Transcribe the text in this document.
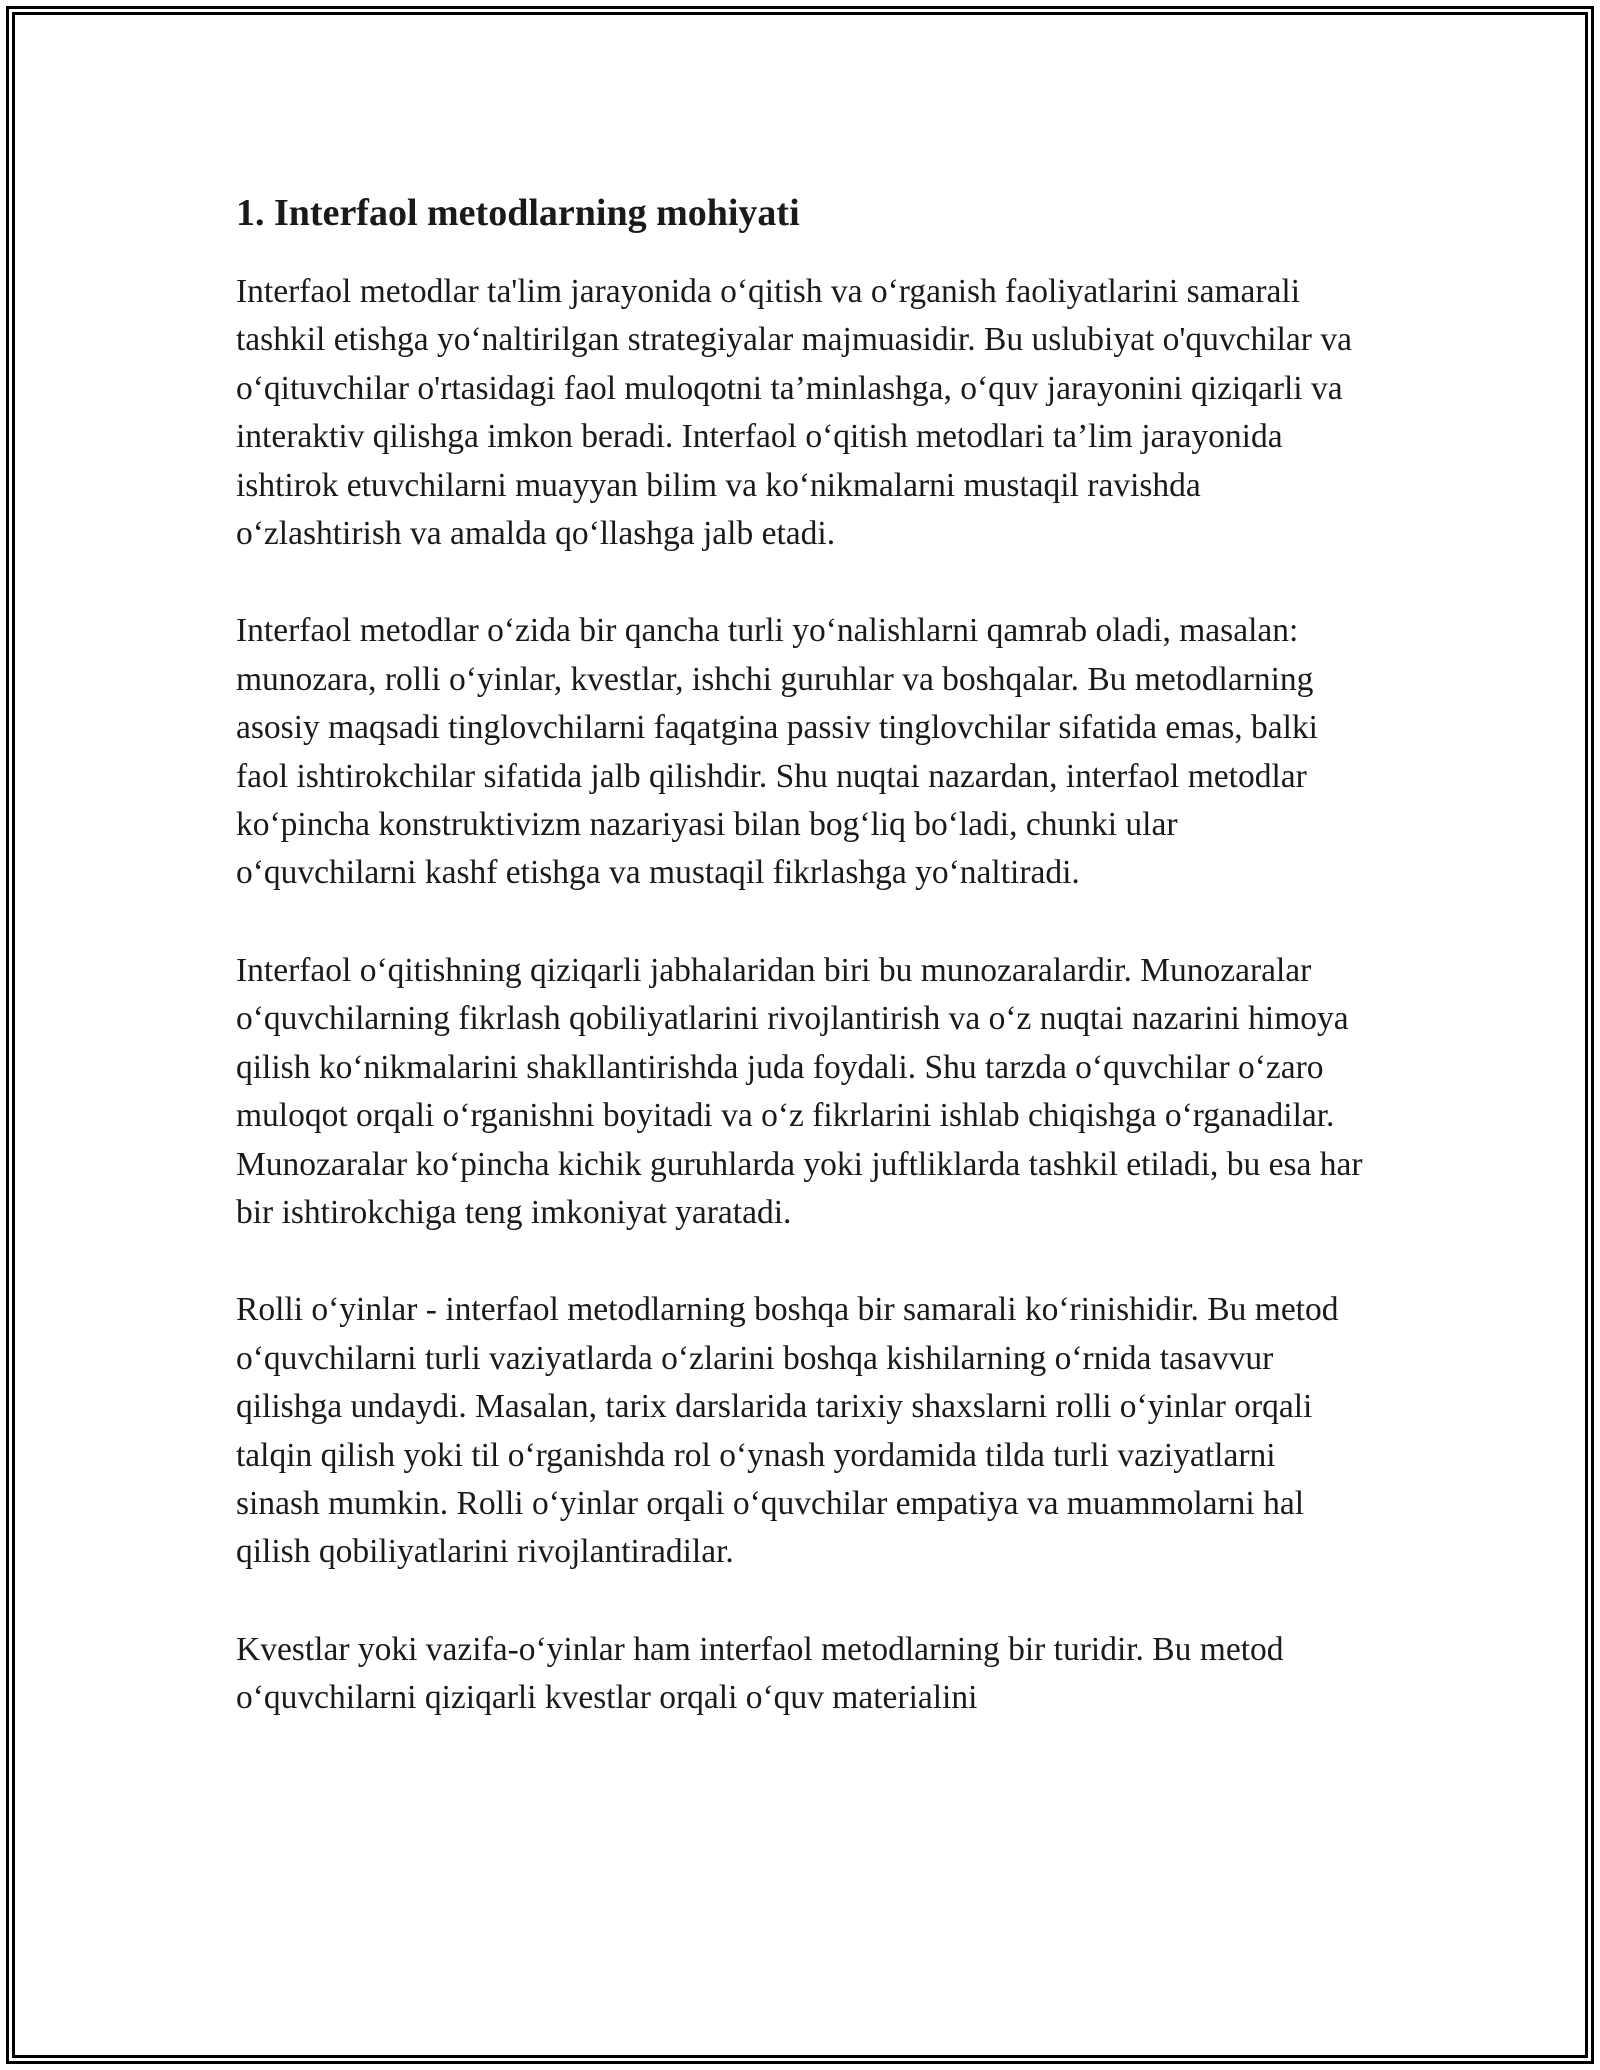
1. Interfaol metodlarning mohiyati

Interfaol metodlar ta'lim jarayonida o‘qitish va o‘rganish faoliyatlarini samarali tashkil etishga yo‘naltirilgan strategiyalar majmuasidir. Bu uslubiyat o'quvchilar va o‘qituvchilar o'rtasidagi faol muloqotni ta’minlashga, o‘quv jarayonini qiziqarli va interaktiv qilishga imkon beradi. Interfaol o‘qitish metodlari ta’lim jarayonida ishtirok etuvchilarni muayyan bilim va ko‘nikmalarni mustaqil ravishda o‘zlashtirish va amalda qo‘llashga jalb etadi.

Interfaol metodlar o‘zida bir qancha turli yo‘nalishlarni qamrab oladi, masalan: munozara, rolli o‘yinlar, kvestlar, ishchi guruhlar va boshqalar. Bu metodlarning asosiy maqsadi tinglovchilarni faqatgina passiv tinglovchilar sifatida emas, balki faol ishtirokchilar sifatida jalb qilishdir. Shu nuqtai nazardan, interfaol metodlar ko‘pincha konstruktivizm nazariyasi bilan bog‘liq bo‘ladi, chunki ular o‘quvchilarni kashf etishga va mustaqil fikrlashga yo‘naltiradi.

Interfaol o‘qitishning qiziqarli jabhalaridan biri bu munozaralardir. Munozaralar o‘quvchilarning fikrlash qobiliyatlarini rivojlantirish va o‘z nuqtai nazarini himoya qilish ko‘nikmalarini shakllantirishda juda foydali. Shu tarzda o‘quvchilar o‘zaro muloqot orqali o‘rganishni boyitadi va o‘z fikrlarini ishlab chiqishga o‘rganadilar. Munozaralar ko‘pincha kichik guruhlarda yoki juftliklarda tashkil etiladi, bu esa har bir ishtirokchiga teng imkoniyat yaratadi.

Rolli o‘yinlar - interfaol metodlarning boshqa bir samarali ko‘rinishidir. Bu metod o‘quvchilarni turli vaziyatlarda o‘zlarini boshqa kishilarning o‘rnida tasavvur qilishga undaydi. Masalan, tarix darslarida tarixiy shaxslarni rolli o‘yinlar orqali talqin qilish yoki til o‘rganishda rol o‘ynash yordamida tilda turli vaziyatlarni sinash mumkin. Rolli o‘yinlar orqali o‘quvchilar empatiya va muammolarni hal qilish qobiliyatlarini rivojlantiradilar.

Kvestlar yoki vazifa-o‘yinlar ham interfaol metodlarning bir turidir. Bu metod o‘quvchilarni qiziqarli kvestlar orqali o‘quv materialini
